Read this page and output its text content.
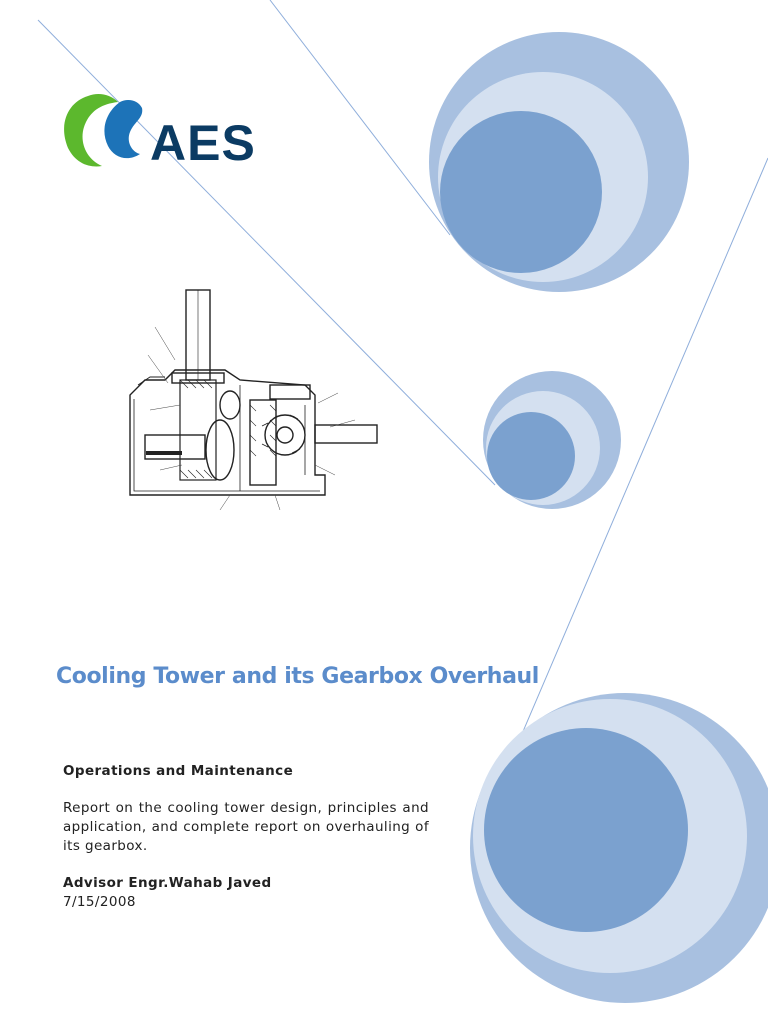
AES
Cooling Tower and its Gearbox Overhaul

Operations and Maintenance

Report on the cooling tower design, principles and application, and complete report on overhauling of its gearbox.

Advisor Engr.Wahab Javed

7/15/2008
